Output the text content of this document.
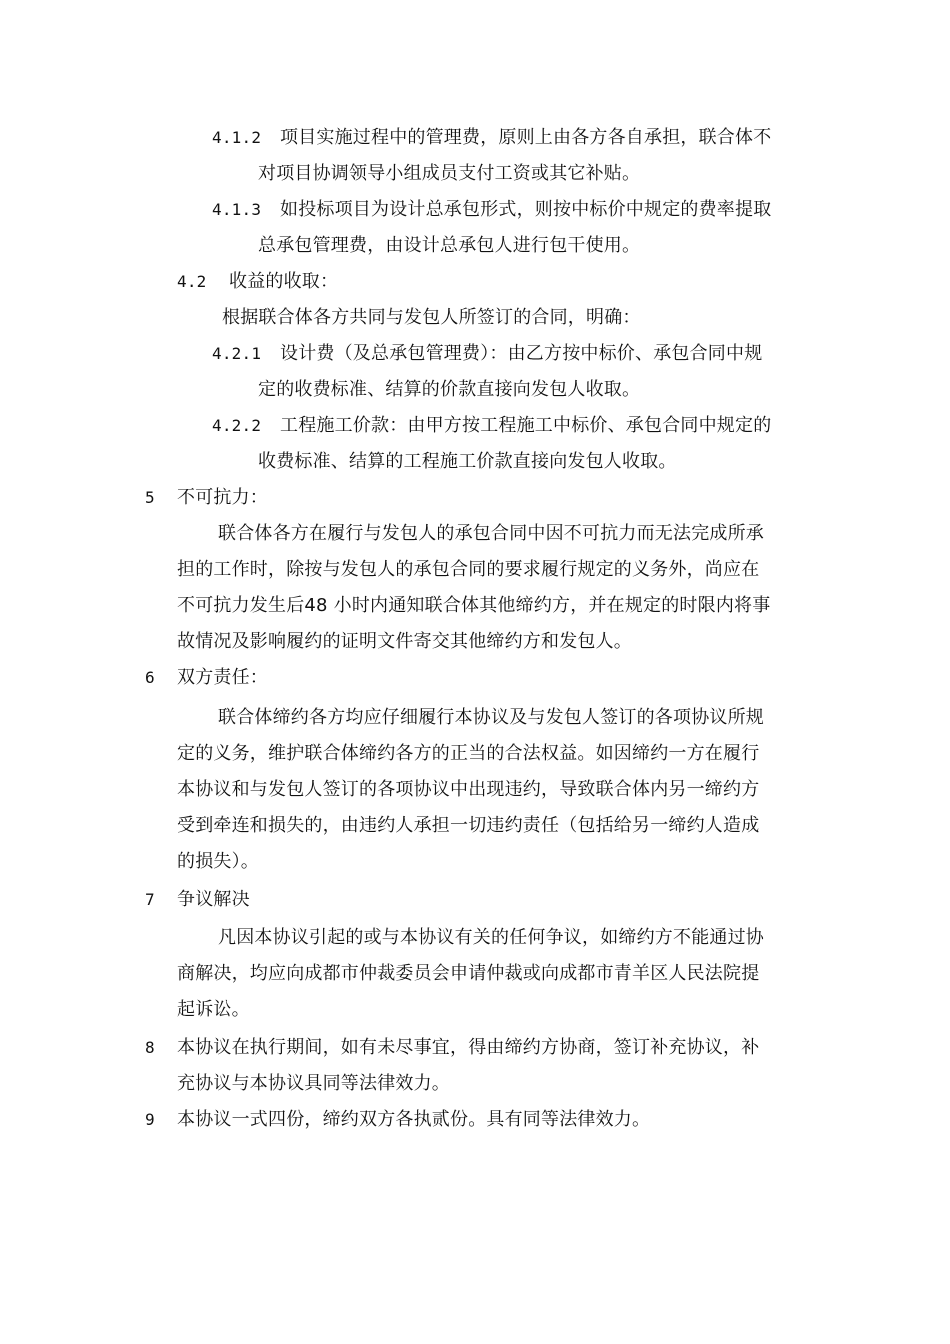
4.1.2 项目实施过程中的管理费，原则上由各方各自承担，联合体不
对项目协调领导小组成员支付工资或其它补贴。
4.1.3 如投标项目为设计总承包形式，则按中标价中规定的费率提取
总承包管理费，由设计总承包人进行包干使用。
4.2 收益的收取：
根据联合体各方共同与发包人所签订的合同，明确：
4.2.1 设计费（及总承包管理费）：由乙方按中标价、承包合同中规
定的收费标准、结算的价款直接向发包人收取。
4.2.2 工程施工价款：由甲方按工程施工中标价、承包合同中规定的
收费标准、结算的工程施工价款直接向发包人收取。
5 不可抗力：
联合体各方在履行与发包人的承包合同中因不可抗力而无法完成所承
担的工作时，除按与发包人的承包合同的要求履行规定的义务外，尚应在
不可抗力发生后48 小时内通知联合体其他缔约方，并在规定的时限内将事
故情况及影响履约的证明文件寄交其他缔约方和发包人。
6 双方责任：
联合体缔约各方均应仔细履行本协议及与发包人签订的各项协议所规
定的义务，维护联合体缔约各方的正当的合法权益。如因缔约一方在履行
本协议和与发包人签订的各项协议中出现违约，导致联合体内另一缔约方
受到牵连和损失的，由违约人承担一切违约责任（包括给另一缔约人造成
的损失）。
7 争议解决
凡因本协议引起的或与本协议有关的任何争议，如缔约方不能通过协
商解决，均应向成都市仲裁委员会申请仲裁或向成都市青羊区人民法院提
起诉讼。
8 本协议在执行期间，如有未尽事宜，得由缔约方协商，签订补充协议，补
充协议与本协议具同等法律效力。
9 本协议一式四份，缔约双方各执贰份。具有同等法律效力。
